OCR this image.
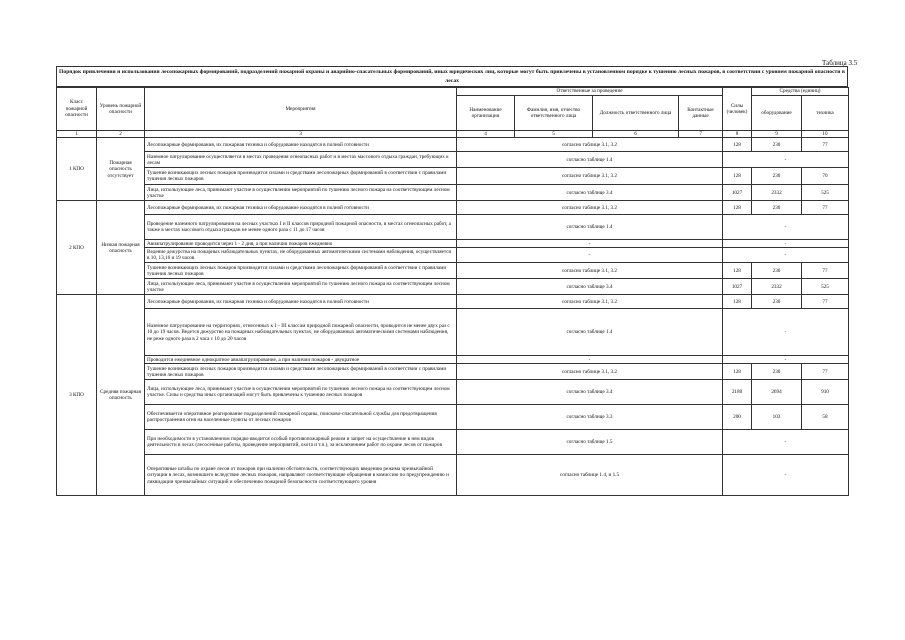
Таблица 3.5
Порядок привлечения и использования лесопожарных формирований, подразделений пожарной охраны и аварийно-спасательных формирований, иных юридических лиц, которые могут быть привлечены в установленном порядке к тушению лесных пожаров, в соответствии с уровнем пожарной опасности в лесах
Класс пожарной опасности	Уровень пожарной опасности	Мероприятия	Ответственные за проведение				Силы (человек)	Средства (единиц)	
			Наименование организации	Фамилия, имя, отчество ответственного лица	Должность ответственного лица	Контактные данные		оборудование	техника
1	2	3	4	5	6	7	8	9	10
1 КПО	Пожарная опасность отсутствует	Лесопожарные формирования, их пожарная техника и оборудование находятся в полной готовности	согласно таблице 3.1, 3.2				128	230	77
		Наземное патрулирование осуществляется в местах проведения огнеопасных работ и в местах массового отдыха граждан, требующих к лесам	согласно таблице 1.4				-		
		Тушение возникающих лесных пожаров производится силами и средствами лесопожарных формирований в соответствии с правилами тушения лесных пожаров	согласно таблице 3.1, 3.2				128	230	70
		Лица, использующие леса, принимают участие в осуществлении мероприятий по тушению лесного пожара на соответствующем лесном участке	согласно таблице 3.4				1027	2332	525
2 КПО	Низкая пожарная опасность	Лесопожарные формирования, их пожарная техника и оборудование находятся в полной готовности	согласно таблице 3.1, 3.2				128	230	77
		Проведение наземного патрулирования на лесных участках I и II классов природной пожарной опасности, в местах огнеопасных работ, а также в местах массового отдыха граждан не менее одного раза с 11 до 17 часов	согласно таблице 1.4				-		
		Авиапатрулирование проводится через 1 - 2 дня, а при наличии пожаров ежедневно	-				-		
		Ведение дежурства на пожарных наблюдательных пунктах, не оборудованных автоматическими системами наблюдения, осуществляется в 10, 13,16 и 19 часов	-				-		
		Тушение возникающих лесных пожаров производится силами и средствами лесопожарных формирований в соответствии с правилами тушения лесных пожаров	согласно таблице 3.1, 3.2				128	230	77
		Лица, использующие леса, принимают участие в осуществлении мероприятий по тушению лесного пожара на соответствующем лесном участке	согласно таблице 3.4				1027	2332	525
3 КПО	Средняя пожарная опасность	Лесопожарные формирования, их пожарная техника и оборудование находятся в полной готовности	согласно таблице 3.1, 3.2				128	230	77
		Наземное патрулирование на территориях, отнесенных к I – III классам природной пожарной опасности, проводится не менее двух раз с 10 до 19 часов. Ведется дежурство на пожарных наблюдательных пунктах, не оборудованных автоматическими системами наблюдения, не реже одного раза в 2 часа с 10 до 20 часов	согласно таблице 1.4				-		
		Проводится ежедневное однократное авиапатрулирование, а при наличии пожаров - двукратное	-				-		
		Тушение возникающих лесных пожаров производится силами и средствами лесопожарных формирований в соответствии с правилами тушения лесных пожаров	согласно таблице 3.1, 3.2				128	230	77
		Лица, использующие леса, принимают участие в осуществлении мероприятий по тушению лесного пожара на соответствующем лесном участке. Силы и средства иных организаций могут быть привлечены к тушению лесных пожаров	согласно таблице 3.4				2180	2694	910
		Обеспечивается оперативное реагирование подразделений пожарной охраны, поисково-спасательной службы для предотвращения распространения огня на населенные пункты от лесных пожаров	согласно таблице 3.3				200	103	58
		При необходимости в установленном порядке вводится особый противопожарный режим и запрет на осуществление в нем видов деятельности в лесах (лесосечные работы, проведение мероприятий, охота и т.п.), за исключением работ по охране лесов от пожаров	согласно таблице 1.5				-		
		Оперативные штабы по охране лесов от пожаров при наличии обстоятельств, соответствующих введению режима чрезвычайной ситуации в лесах, возникшего вследствие лесных пожаров, направляют соответствующие обращения в комиссию по предупреждению и ликвидации чрезвычайных ситуаций и обеспечению пожарной безопасности соответствующего уровня	согласно таблице 1.4, и 1.5				-		
